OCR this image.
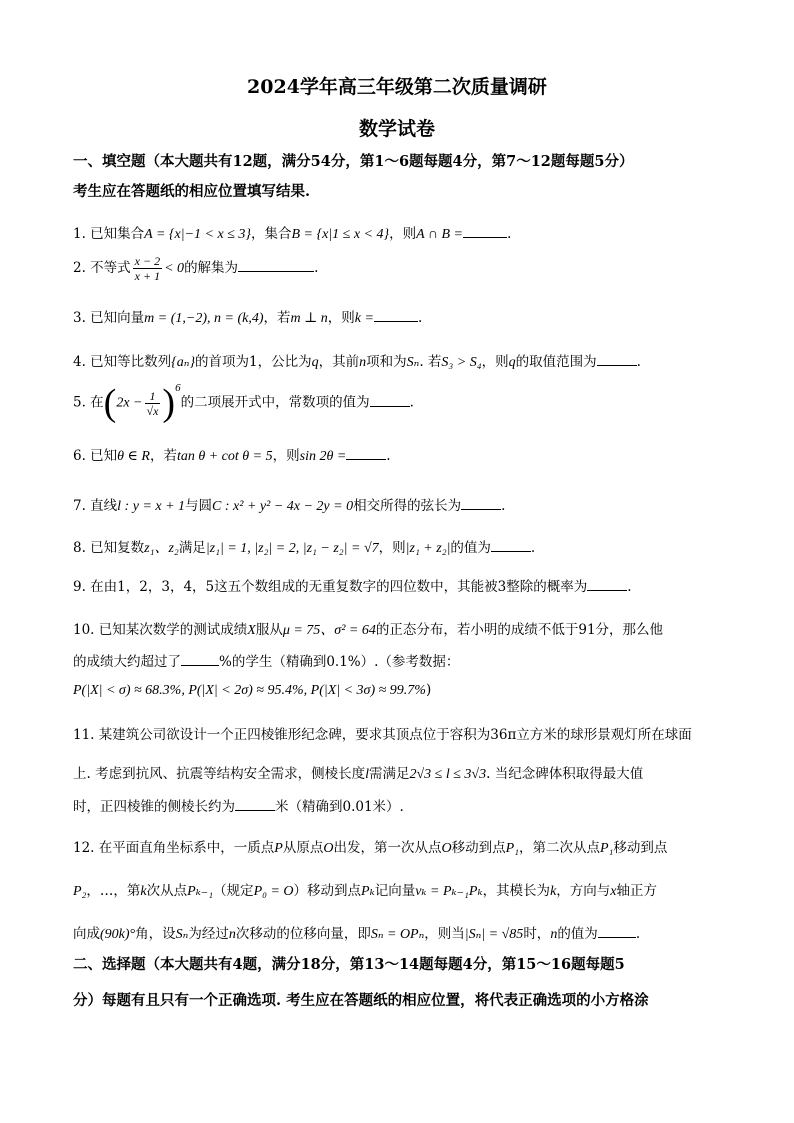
2024学年高三年级第二次质量调研
数学试卷
一、填空题（本大题共有12题，满分54分，第1～6题每题4分，第7～12题每题5分）
考生应在答题纸的相应位置填写结果.
1. 已知集合A = {x|−1 < x ≤ 3}，集合B = {x|1 ≤ x < 4}，则A ∩ B =	.
2. 不等式 $\frac{x - 2}{x + 1} < 0$的解集为	.
3. 已知向量m = (1,−2), n = (k,4)，若m ⊥ n，则k =	.
4. 已知等比数列{aₙ}的首项为1，公比为q，其前n项和为Sₙ. 若S₃ > S₄，则q的取值范围为	.
5. 在$(2x - \frac{1}{√x} )^6$的二项展开式中，常数项的值为	.
6. 已知θ ∈ R，若tan θ + cot θ = 5，则sin 2θ =	.
7. 直线l : y = x + 1与圆C : x² + y² − 4x − 2y = 0相交所得的弦长为	.
8. 已知复数z₁、z₂满足|z₁| = 1, |z₂| = 2, |z₁ − z₂| = √7，则|z₁ + z₂|的值为	.
9. 在由1，2，3，4，5这五个数组成的无重复数字的四位数中，其能被3整除的概率为	.
10. 已知某次数学的测试成绩X服从μ = 75、σ² = 64的正态分布，若小明的成绩不低于91分，那么他
的成绩大约超过了	%的学生（精确到0.1%）.（参考数据：
P(|X| < σ) ≈ 68.3%, P(|X| < 2σ) ≈ 95.4%, P(|X| < 3σ) ≈ 99.7%)
11. 某建筑公司欲设计一个正四棱锥形纪念碑，要求其顶点位于容积为36π立方米的球形景观灯所在球面
上. 考虑到抗风、抗震等结构安全需求，侧棱长度l需满足2√3 ≤ l ≤ 3√3. 当纪念碑体积取得最大值
时，正四棱锥的侧棱长约为	米（精确到0.01米）.
12. 在平面直角坐标系中，一质点P从原点O出发，第一次从点O移动到点P₁，第二次从点P₁移动到点
P₂，…，第k次从点Pₖ₋₁（规定P₀ = O）移动到点Pₖ记向量vₖ = Pₖ₋₁Pₖ，其模长为k，方向与x轴正方
向成(90k)°角，设Sₙ为经过n次移动的位移向量，即Sₙ = OPₙ，则当|Sₙ| = √85时，n的值为	.
二、选择题（本大题共有4题，满分18分，第13～14题每题4分，第15～16题每题5
分）每题有且只有一个正确选项. 考生应在答题纸的相应位置，将代表正确选项的小方格涂
